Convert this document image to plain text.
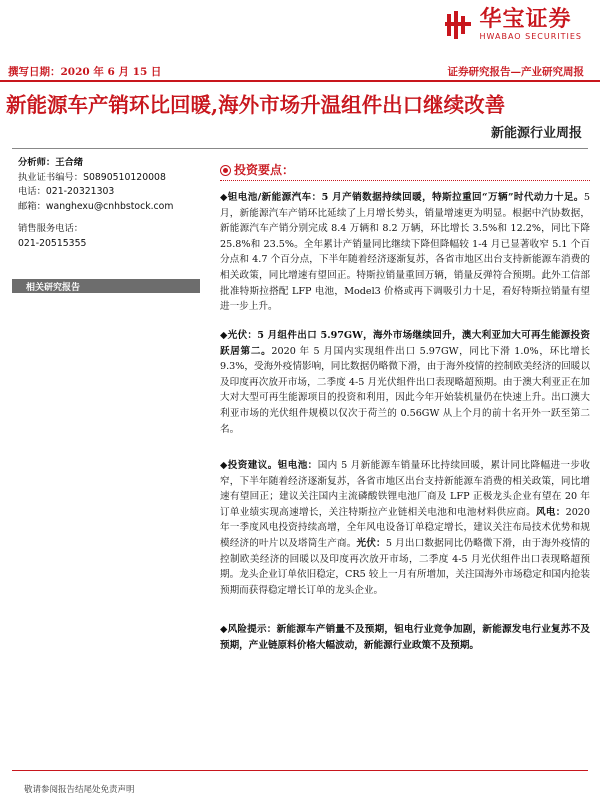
华宝证券
HWABAO SECURITIES
撰写日期：2020 年 6 月 15 日	证券研究报告—产业研究周报
新能源车产销环比回暖,海外市场升温组件出口继续改善
新能源行业周报
分析师：王合绪
执业证书编号：S0890510120008
电话：021-20321303
邮箱：wanghexu@cnhbstock.com
销售服务电话：
021-20515355
相关研究报告
投资要点：
◆钽电池/新能源汽车：5 月产销数据持续回暖，特斯拉重回“万辆”时代动力十足。5 月，新能源汽车产销环比延续了上月增长势头，销量增速更为明显。根据中汽协数据，新能源汽车产销分别完成 8.4 万辆和 8.2 万辆，环比增长 3.5%和 12.2%，同比下降 25.8%和 23.5%。全年累计产销量同比继续下降但降幅较 1-4 月已显著收窄 5.1 个百分点和 4.7 个百分点，下半年随着经济逐渐复苏，各省市地区出台支持新能源车消费的相关政策，同比增速有望回正。特斯拉销量重回万辆，销量反弹符合预期。此外工信部批准特斯拉搭配 LFP 电池，Model3 价格或再下调吸引力十足，看好特斯拉销量有望进一步上升。
◆光伏：5 月组件出口 5.97GW，海外市场继续回升，澳大利亚加大可再生能源投资跃居第二。2020 年 5 月国内实现组件出口 5.97GW，同比下滑 1.0%，环比增长 9.3%，受海外疫情影响，同比数据仍略微下滑，由于海外疫情的控制欧美经济的回暖以及印度再次放开市场，二季度 4-5 月光伏组件出口表现略超预期。由于澳大利亚正在加大对大型可再生能源项目的投资和利用，因此今年开始装机量仍在快速上升。出口澳大利亚市场的光伏组件规模以仅次于荷兰的 0.56GW 从上个月的前十名开外一跃至第二名。
◆投资建议。钽电池：国内 5 月新能源车销量环比持续回暖，累计同比降幅进一步收窄，下半年随着经济逐渐复苏，各省市地区出台支持新能源车消费的相关政策，同比增速有望回正；建议关注国内主流磷酸铁锂电池厂商及 LFP 正极龙头企业有望在 20 年订单业绩实现高速增长，关注特斯拉产业链相关电池和电池材料供应商。风电：2020 年一季度风电投资持续高增，全年风电设备订单稳定增长，建议关注布局技术优势和规模经济的叶片以及塔筒生产商。光伏：5 月出口数据同比仍略微下滑，由于海外疫情的控制欧美经济的回暖以及印度再次放开市场，二季度 4-5 月光伏组件出口表现略超预期。龙头企业订单依旧稳定，CR5 较上一月有所增加，关注国海外市场稳定和国内抢装预期而获得稳定增长订单的龙头企业。
◆风险提示：新能源车产销量不及预期，钽电行业竞争加剧，新能源发电行业复苏不及预期，产业链原料价格大幅波动，新能源行业政策不及预期。
敬请参阅报告结尾处免责声明
